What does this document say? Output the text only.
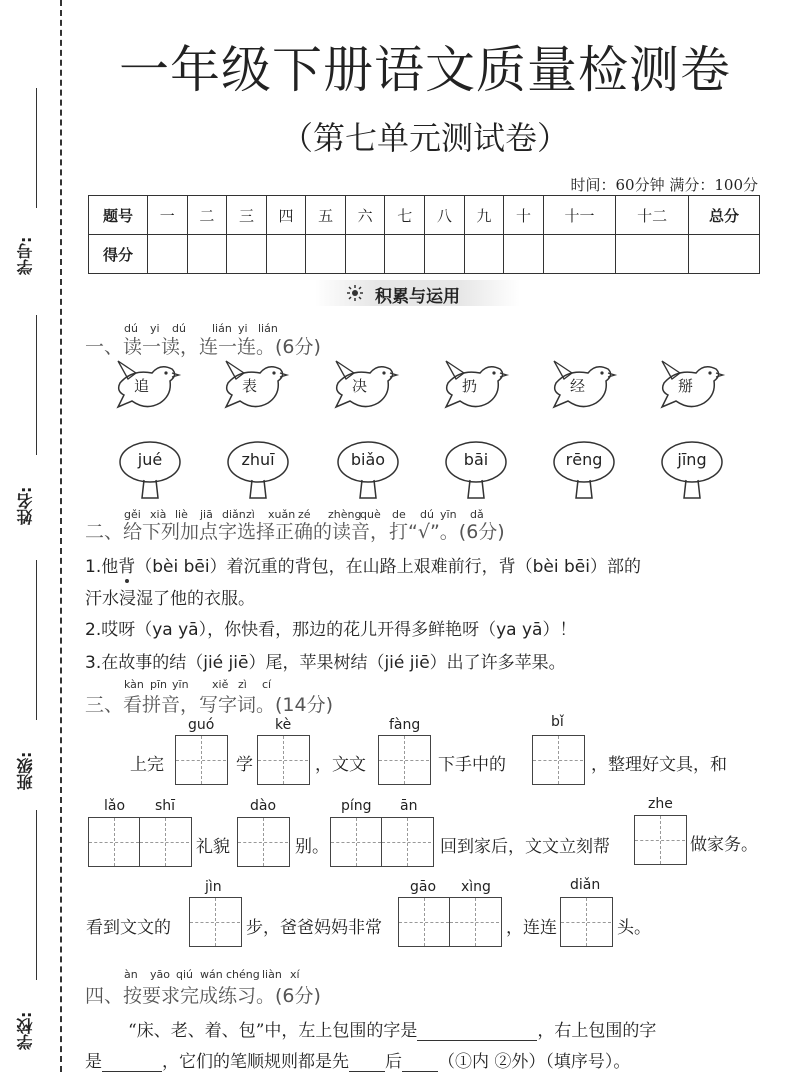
学号:
姓名:
班级:
学校:
一年级下册语文质量检测卷
（第七单元测试卷）
时间：60分钟 满分：100分
题号	一	二	三	四	五	六	七	八	九	十	十一	十二	总分
得分													
积累与运用
dú yi dú lián yi lián
一、读一读，连一连。(6分)
追	表	决	扔	经	掰
jué	zhuī	biǎo	bāi	rēng	jīng
gěi xià liè jiā diǎn zì xuǎn zé zhèng
què de dú yīn dǎ
二、给下列加点字选择正确的读音，打“√”。(6分)
1.他背（bèi bēi）着沉重的背包，在山路上艰难前行，背（bèi bēi）部的
汗水浸湿了他的衣服。
2.哎呀（ya yā），你快看，那边的花儿开得多鲜艳呀（ya yā）！
3.在故事的结（jié jiē）尾，苹果树结（jié jiē）出了许多苹果。
kàn pīn yīn xiě zì cí
三、看拼音，写字词。(14分)
上完
guó
学
kè
，文文
fàng
下手中的
bǐ
，整理好文具，和
lǎo shī
礼貌
dào
别。
píng ān
回到家后，文文立刻帮
zhe
做家务。
看到文文的
jìn
步，爸爸妈妈非常
gāo xìng
，连连
diǎn
头。
àn yāo qiú wán chéng liàn xí
四、按要求完成练习。(6分)
“床、老、着、包”中，左上包围的字是	，右上包围的字
是	，它们的笔顺规则都是先 后 （①内 ②外）（填序号）。
